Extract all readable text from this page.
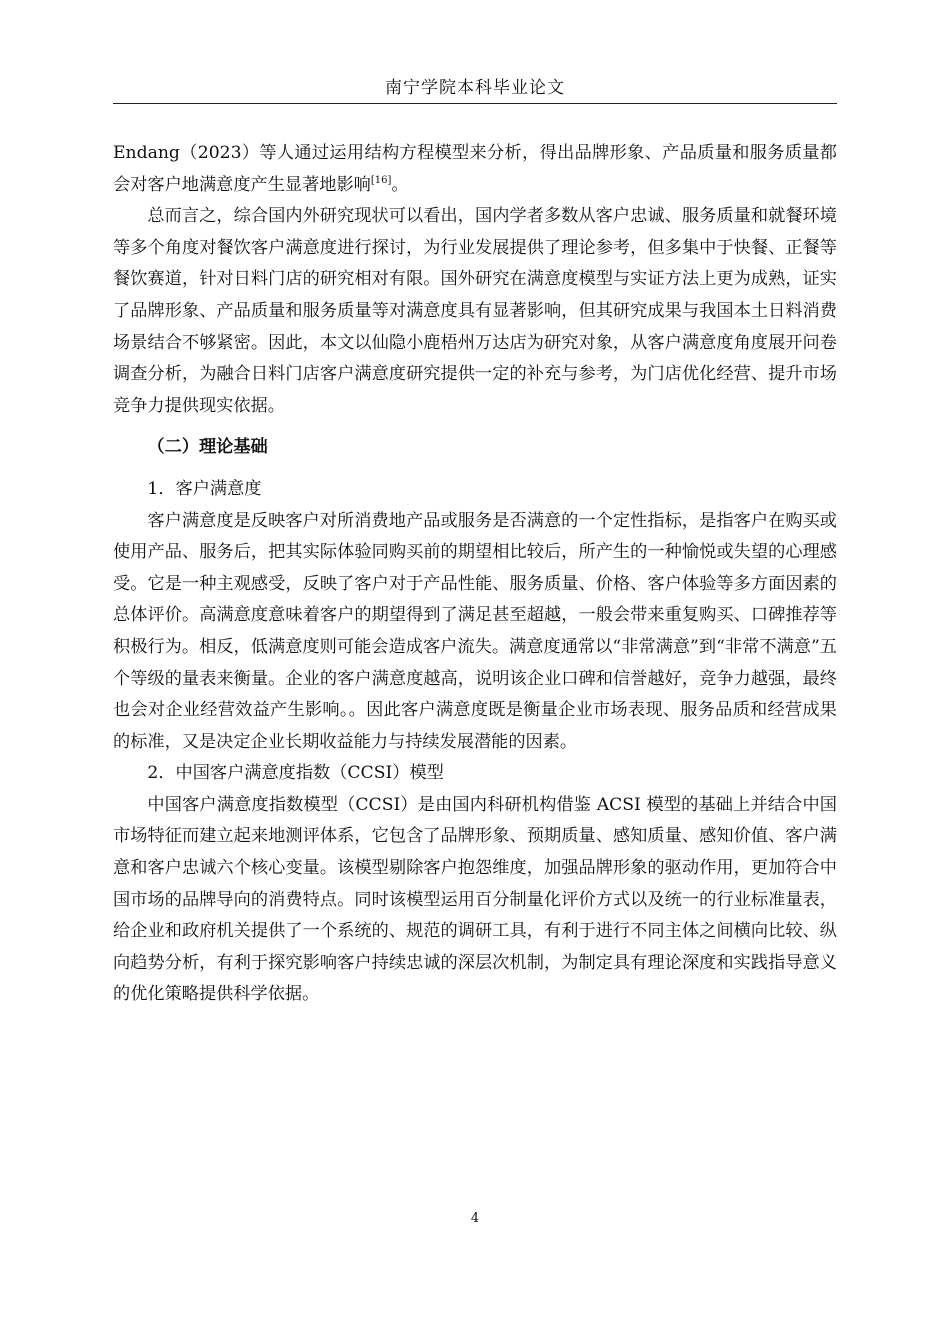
南宁学院本科毕业论文

Endang（2023）等人通过运用结构方程模型来分析，得出品牌形象、产品质量和服务质量都会对客户地满意度产生显著地影响[16]。

总而言之，综合国内外研究现状可以看出，国内学者多数从客户忠诚、服务质量和就餐环境等多个角度对餐饮客户满意度进行探讨，为行业发展提供了理论参考，但多集中于快餐、正餐等餐饮赛道，针对日料门店的研究相对有限。国外研究在满意度模型与实证方法上更为成熟，证实了品牌形象、产品质量和服务质量等对满意度具有显著影响，但其研究成果与我国本土日料消费场景结合不够紧密。因此，本文以仙隐小鹿梧州万达店为研究对象，从客户满意度角度展开问卷调查分析，为融合日料门店客户满意度研究提供一定的补充与参考，为门店优化经营、提升市场竞争力提供现实依据。

（二）理论基础

1．客户满意度

客户满意度是反映客户对所消费地产品或服务是否满意的一个定性指标，是指客户在购买或使用产品、服务后，把其实际体验同购买前的期望相比较后，所产生的一种愉悦或失望的心理感受。它是一种主观感受，反映了客户对于产品性能、服务质量、价格、客户体验等多方面因素的总体评价。高满意度意味着客户的期望得到了满足甚至超越，一般会带来重复购买、口碑推荐等积极行为。相反，低满意度则可能会造成客户流失。满意度通常以“非常满意”到“非常不满意”五个等级的量表来衡量。企业的客户满意度越高，说明该企业口碑和信誉越好，竞争力越强，最终也会对企业经营效益产生影响。。因此客户满意度既是衡量企业市场表现、服务品质和经营成果的标准，又是决定企业长期收益能力与持续发展潜能的因素。

2．中国客户满意度指数（CCSI）模型

中国客户满意度指数模型（CCSI）是由国内科研机构借鉴 ACSI 模型的基础上并结合中国市场特征而建立起来地测评体系，它包含了品牌形象、预期质量、感知质量、感知价值、客户满意和客户忠诚六个核心变量。该模型剔除客户抱怨维度，加强品牌形象的驱动作用，更加符合中国市场的品牌导向的消费特点。同时该模型运用百分制量化评价方式以及统一的行业标准量表，给企业和政府机关提供了一个系统的、规范的调研工具，有利于进行不同主体之间横向比较、纵向趋势分析，有利于探究影响客户持续忠诚的深层次机制，为制定具有理论深度和实践指导意义的优化策略提供科学依据。

4
